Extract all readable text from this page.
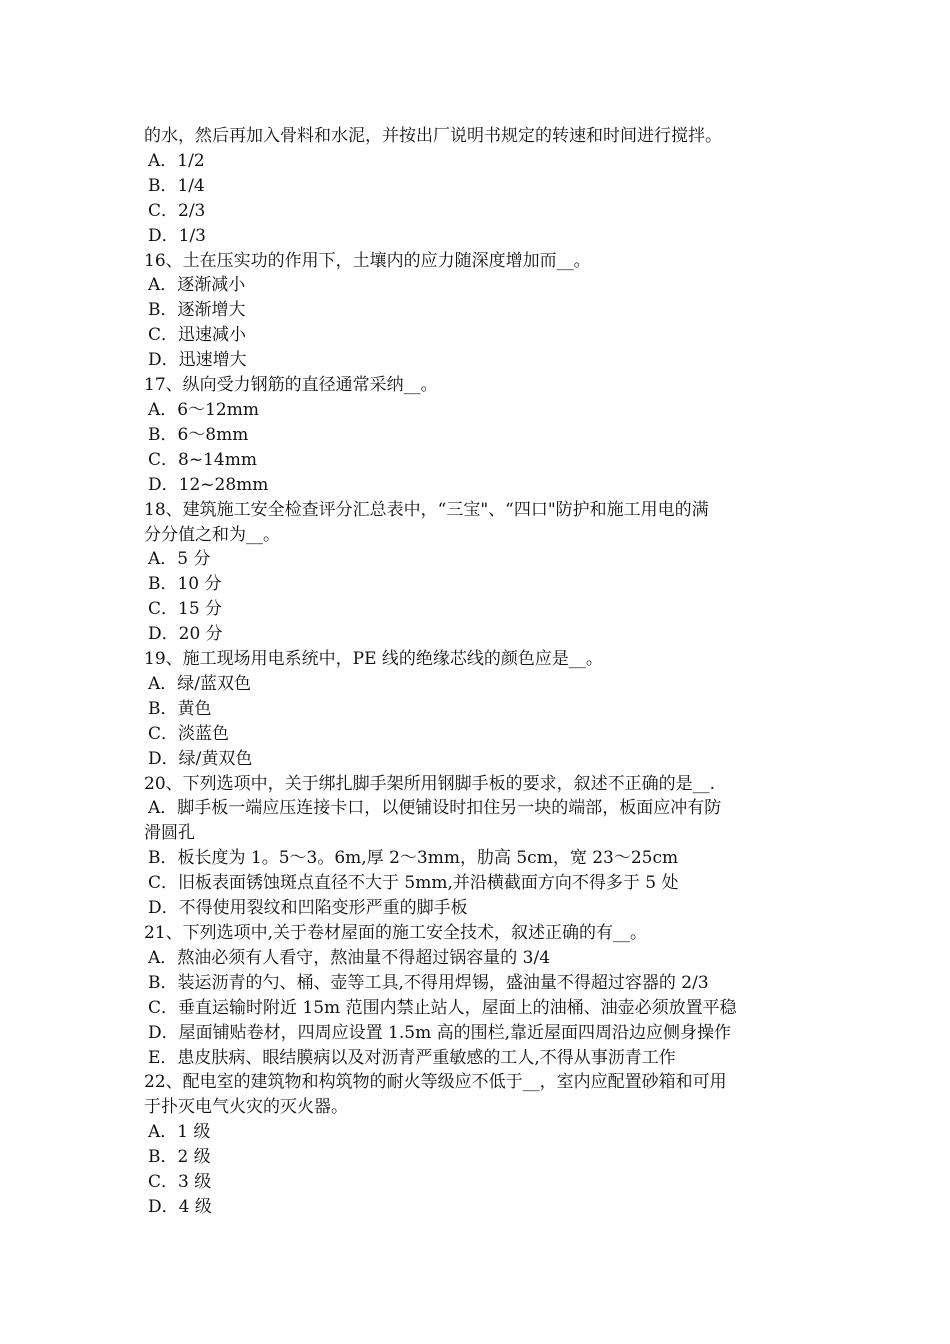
的水，然后再加入骨料和水泥，并按出厂说明书规定的转速和时间进行搅拌。
A．1/2
B．1/4
C．2/3
D．1/3
16、土在压实功的作用下，土壤内的应力随深度增加而__。
A．逐渐减小
B．逐渐增大
C．迅速减小
D．迅速增大
17、纵向受力钢筋的直径通常采纳__。
A．6～12mm
B．6～8mm
C．8~14mm
D．12~28mm
18、建筑施工安全检查评分汇总表中，“三宝"、“四口"防护和施工用电的满
分分值之和为__。
A．5 分
B．10 分
C．15 分
D．20 分
19、施工现场用电系统中，PE 线的绝缘芯线的颜色应是__。
A．绿/蓝双色
B．黄色
C．淡蓝色
D．绿/黄双色
20、下列选项中，关于绑扎脚手架所用钢脚手板的要求，叙述不正确的是__.
A．脚手板一端应压连接卡口，以便铺设时扣住另一块的端部，板面应冲有防
滑圆孔
B．板长度为 1。5～3。6m,厚 2～3mm，肋高 5cm，宽 23～25cm
C．旧板表面锈蚀斑点直径不大于 5mm,并沿横截面方向不得多于 5 处
D．不得使用裂纹和凹陷变形严重的脚手板
21、下列选项中,关于卷材屋面的施工安全技术，叙述正确的有__。
A．熬油必须有人看守，熬油量不得超过锅容量的 3/4
B．装运沥青的勺、桶、壶等工具,不得用焊锡，盛油量不得超过容器的 2/3
C．垂直运输时附近 15m 范围内禁止站人，屋面上的油桶、油壶必须放置平稳
D．屋面铺贴卷材，四周应设置 1.5m 高的围栏,靠近屋面四周沿边应侧身操作
E．患皮肤病、眼结膜病以及对沥青严重敏感的工人,不得从事沥青工作
22、配电室的建筑物和构筑物的耐火等级应不低于__，室内应配置砂箱和可用
于扑灭电气火灾的灭火器。
A．1 级
B．2 级
C．3 级
D．4 级
